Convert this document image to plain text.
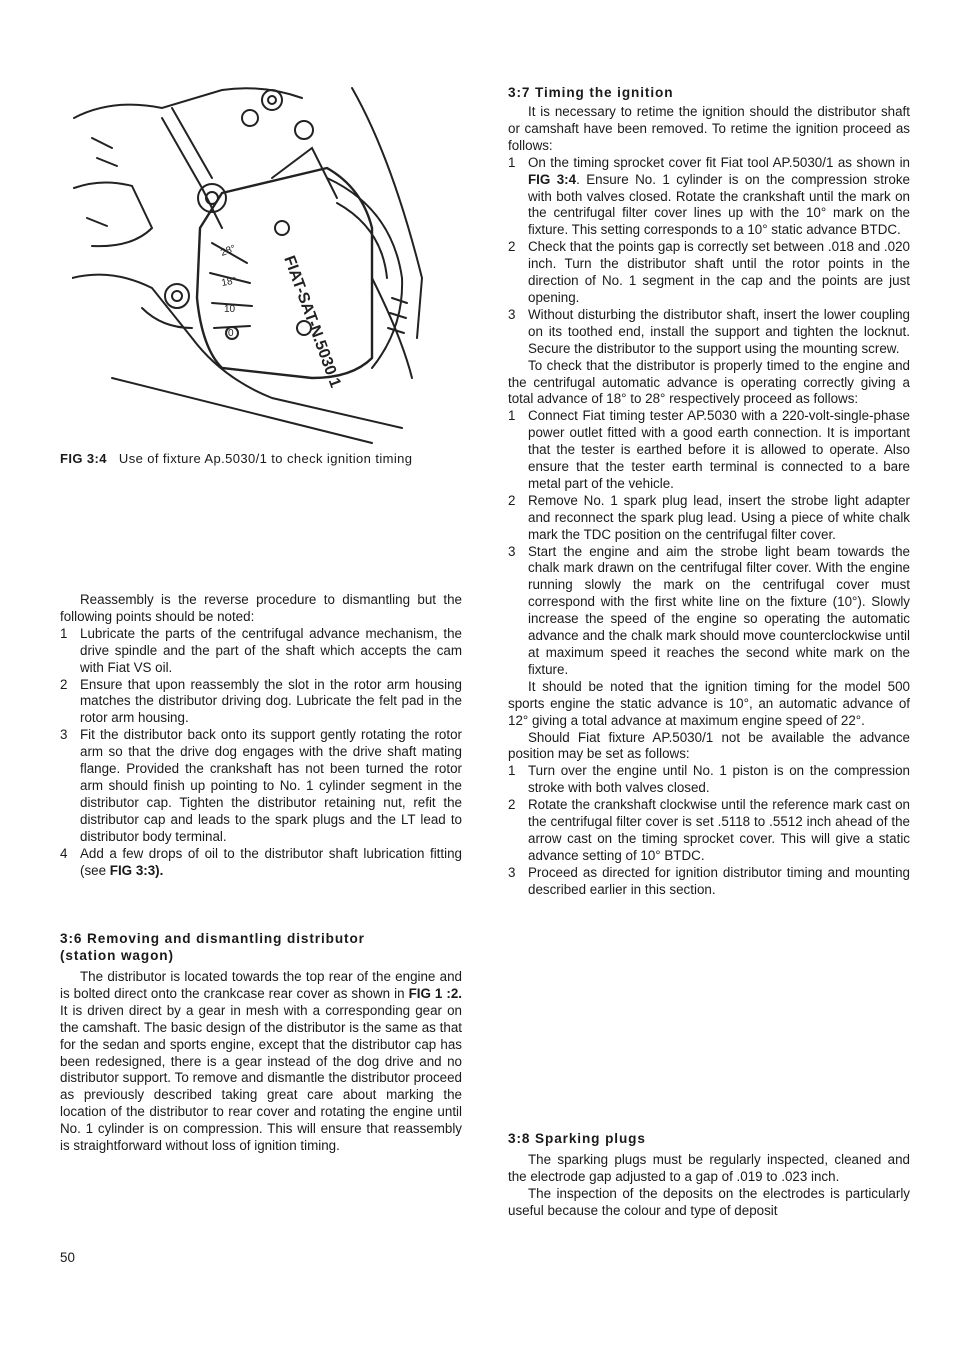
FIAT-SAT-N.5030/1
28°
18°
10
0
FIG 3:4 Use of fixture Ap.5030/1 to check ignition timing

Reassembly is the reverse procedure to dismantling but the following points should be noted:

1 Lubricate the parts of the centrifugal advance mechanism, the drive spindle and the part of the shaft which accepts the cam with Fiat VS oil.

2 Ensure that upon reassembly the slot in the rotor arm housing matches the distributor driving dog. Lubricate the felt pad in the rotor arm housing.

3 Fit the distributor back onto its support gently rotating the rotor arm so that the drive dog engages with the drive shaft mating flange. Provided the crankshaft has not been turned the rotor arm should finish up pointing to No. 1 cylinder segment in the distributor cap. Tighten the distributor retaining nut, refit the distributor cap and leads to the spark plugs and the LT lead to distributor body terminal.

4 Add a few drops of oil to the distributor shaft lubrication fitting (see FIG 3:3).

3:6 Removing and dismantling distributor (station wagon)

The distributor is located towards the top rear of the engine and is bolted direct onto the crankcase rear cover as shown in FIG 1 :2. It is driven direct by a gear in mesh with a corresponding gear on the camshaft. The basic design of the distributor is the same as that for the sedan and sports engine, except that the distributor cap has been redesigned, there is a gear instead of the dog drive and no distributor support. To remove and dismantle the distributor proceed as previously described taking great care about marking the location of the distributor to rear cover and rotating the engine until No. 1 cylinder is on compression. This will ensure that reassembly is straightforward without loss of ignition timing.

50
3:7 Timing the ignition

It is necessary to retime the ignition should the distributor shaft or camshaft have been removed. To retime the ignition proceed as follows:

1 On the timing sprocket cover fit Fiat tool AP.5030/1 as shown in FIG 3:4. Ensure No. 1 cylinder is on the compression stroke with both valves closed. Rotate the crankshaft until the mark on the centrifugal filter cover lines up with the 10° mark on the fixture. This setting corresponds to a 10° static advance BTDC.

2 Check that the points gap is correctly set between .018 and .020 inch. Turn the distributor shaft until the rotor points in the direction of No. 1 segment in the cap and the points are just opening.

3 Without disturbing the distributor shaft, insert the lower coupling on its toothed end, install the support and tighten the locknut. Secure the distributor to the support using the mounting screw.

To check that the distributor is properly timed to the engine and the centrifugal automatic advance is operating correctly giving a total advance of 18° to 28° respectively proceed as follows:

1 Connect Fiat timing tester AP.5030 with a 220-volt-single-phase power outlet fitted with a good earth connection. It is important that the tester is earthed before it is allowed to operate. Also ensure that the tester earth terminal is connected to a bare metal part of the vehicle.

2 Remove No. 1 spark plug lead, insert the strobe light adapter and reconnect the spark plug lead. Using a piece of white chalk mark the TDC position on the centrifugal filter cover.

3 Start the engine and aim the strobe light beam towards the chalk mark drawn on the centrifugal filter cover. With the engine running slowly the mark on the centrifugal cover must correspond with the first white line on the fixture (10°). Slowly increase the speed of the engine so operating the automatic advance and the chalk mark should move counterclockwise until at maximum speed it reaches the second white mark on the fixture.

It should be noted that the ignition timing for the model 500 sports engine the static advance is 10°, an automatic advance of 12° giving a total advance at maximum engine speed of 22°.

Should Fiat fixture AP.5030/1 not be available the advance position may be set as follows:

1 Turn over the engine until No. 1 piston is on the compression stroke with both valves closed.

2 Rotate the crankshaft clockwise until the reference mark cast on the centrifugal filter cover is set .5118 to .5512 inch ahead of the arrow cast on the timing sprocket cover. This will give a static advance setting of 10° BTDC.

3 Proceed as directed for ignition distributor timing and mounting described earlier in this section.

3:8 Sparking plugs

The sparking plugs must be regularly inspected, cleaned and the electrode gap adjusted to a gap of .019 to .023 inch.

The inspection of the deposits on the electrodes is particularly useful because the colour and type of deposit
